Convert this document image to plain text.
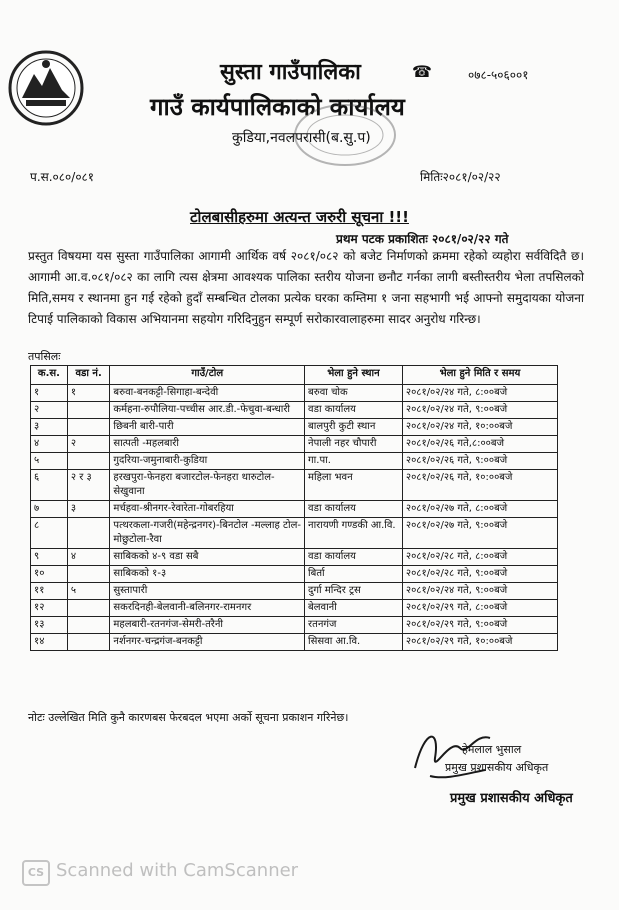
सुस्ता गाउँपालिका	☎	०७८-५०६००१
गाउँ कार्यपालिकाको कार्यालय
कुडिया,नवलपरासी(ब.सु.प)
प.स.०८०/०८१	मितिः२०८१/०२/२२
टोलबासीहरुमा अत्यन्त जरुरी सूचना !!!
प्रथम पटक प्रकाशितः २०८१/०२/२२ गते
प्रस्तुत विषयमा यस सुस्ता गाउँपालिका आगामी आर्थिक वर्ष २०८१/०८२ को बजेट निर्माणको क्रममा रहेको व्यहोरा सर्वविदितै छ। आगामी आ.व.०८१/०८२ का लागि त्यस क्षेत्रमा आवश्यक पालिका स्तरीय योजना छनौट गर्नका लागी बस्तीस्तरीय भेला तपसिलको मिति,समय र स्थानमा हुन गई रहेको हुदाँ सम्बन्धित टोलका प्रत्येक घरका कम्तिमा १ जना सहभागी भई आफ्नो समुदायका योजना टिपाई पालिकाको विकास अभियानमा सहयोग गरिदिनुहुन सम्पूर्ण सरोकारवालाहरुमा सादर अनुरोध गरिन्छ।
तपसिलः
क.स.	वडा नं.	गाउँ/टोल	भेला हुने स्थान	भेला हुने मिति र समय
१	१	बरुवा-बनकट्टी-सिगाहा-बन्देवी	बरुवा चोक	२०८१/०२/२४ गते, ८:००बजे
२		कर्महना-रुपौलिया-पच्चीस आर.डी.-फेचुवा-बन्धारी	वडा कार्यालय	२०८१/०२/२४ गते, ९:००बजे
३		छिबनी बारी-पारी	बालपुरी कुटी स्थान	२०८१/०२/२४ गते, १०:००बजे
४	२	सात्पती -महलबारी	नेपाली नहर चौपारी	२०८१/०२/२६ गते,८:००बजे
५		गुदरिया-जमुनाबारी-कुडिया	गा.पा.	२०८१/०२/२६ गते, ९:००बजे
६	२ र ३	हरखपुरा-फेनहरा बजारटोल-फेनहरा थारुटोल- सेखुवाना	महिला भवन	२०८१/०२/२६ गते, १०:००बजे
७	३	मर्चहवा-श्रीनगर-रेवारेता-गोबरहिया	वडा कार्यालय	२०८१/०२/२७ गते, ८:००बजे
८		पत्थरकला-गजरी(महेन्द्रनगर)-बिनटोल -मल्लाह टोल-मोछुटोला-रैवा	नारायणी गण्डकी आ.वि.	२०८१/०२/२७ गते, ९:००बजे
९	४	साबिकको ४-९ वडा सबै	वडा कार्यालय	२०८१/०२/२८ गते, ८:००बजे
१०		साबिकको १-३	बिर्ता	२०८१/०२/२८ गते, ९:००बजे
११	५	सुस्तापारी	दुर्गा मन्दिर ट्रस	२०८१/०२/२४ गते, ९:००बजे
१२		सकरदिनही-बेलवानी-बलिनगर-रामनगर	बेलवानी	२०८१/०२/२९ गते, ८:००बजे
१३		महलबारी-रतनगंज-सेमरी-तरैनी	रतनगंज	२०८१/०२/२९ गते, ९:००बजे
१४		नर्शनगर-चन्द्रगंज-बनकट्टी	सिसवा आ.वि.	२०८१/०२/२९ गते, १०:००बजे
नोटः उल्लेखित मिति कुनै कारणबस फेरबदल भएमा अर्को सूचना प्रकाशन गरिनेछ।
हेमलाल भुसाल
प्रमुख प्रशासकीय अधिकृत
प्रमुख प्रशासकीय अधिकृत
CS Scanned with CamScanner
